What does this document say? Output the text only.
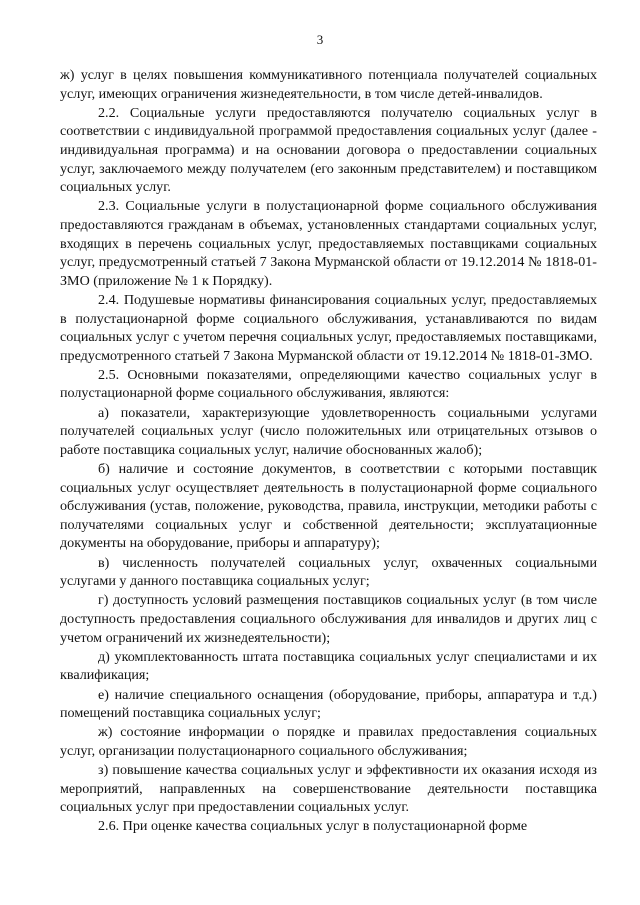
3

ж) услуг в целях повышения коммуникативного потенциала получателей социальных услуг, имеющих ограничения жизнедеятельности, в том числе детей-инвалидов.

2.2. Социальные услуги предоставляются получателю социальных услуг в соответствии с индивидуальной программой предоставления социальных услуг (далее - индивидуальная программа) и на основании договора о предоставлении социальных услуг, заключаемого между получателем (его законным представителем) и поставщиком социальных услуг.

2.3. Социальные услуги в полустационарной форме социального обслуживания предоставляются гражданам в объемах, установленных стандартами социальных услуг, входящих в перечень социальных услуг, предоставляемых поставщиками социальных услуг, предусмотренный статьей 7 Закона Мурманской области от 19.12.2014 № 1818-01-ЗМО (приложение № 1 к Порядку).

2.4. Подушевые нормативы финансирования социальных услуг, предоставляемых в полустационарной форме социального обслуживания, устанавливаются по видам социальных услуг с учетом перечня социальных услуг, предоставляемых поставщиками, предусмотренного статьей 7 Закона Мурманской области от 19.12.2014 № 1818-01-ЗМО.

2.5. Основными показателями, определяющими качество социальных услуг в полустационарной форме социального обслуживания, являются:

а) показатели, характеризующие удовлетворенность социальными услугами получателей социальных услуг (число положительных или отрицательных отзывов о работе поставщика социальных услуг, наличие обоснованных жалоб);

б) наличие и состояние документов, в соответствии с которыми поставщик социальных услуг осуществляет деятельность в полустационарной форме социального обслуживания (устав, положение, руководства, правила, инструкции, методики работы с получателями социальных услуг и собственной деятельности; эксплуатационные документы на оборудование, приборы и аппаратуру);

в) численность получателей социальных услуг, охваченных социальными услугами у данного поставщика социальных услуг;

г) доступность условий размещения поставщиков социальных услуг (в том числе доступность предоставления социального обслуживания для инвалидов и других лиц с учетом ограничений их жизнедеятельности);

д) укомплектованность штата поставщика социальных услуг специалистами и их квалификация;

е) наличие специального оснащения (оборудование, приборы, аппаратура и т.д.) помещений поставщика социальных услуг;

ж) состояние информации о порядке и правилах предоставления социальных услуг, организации полустационарного социального обслуживания;

з) повышение качества социальных услуг и эффективности их оказания исходя из мероприятий, направленных на совершенствование деятельности поставщика социальных услуг при предоставлении социальных услуг.

2.6. При оценке качества социальных услуг в полустационарной форме
